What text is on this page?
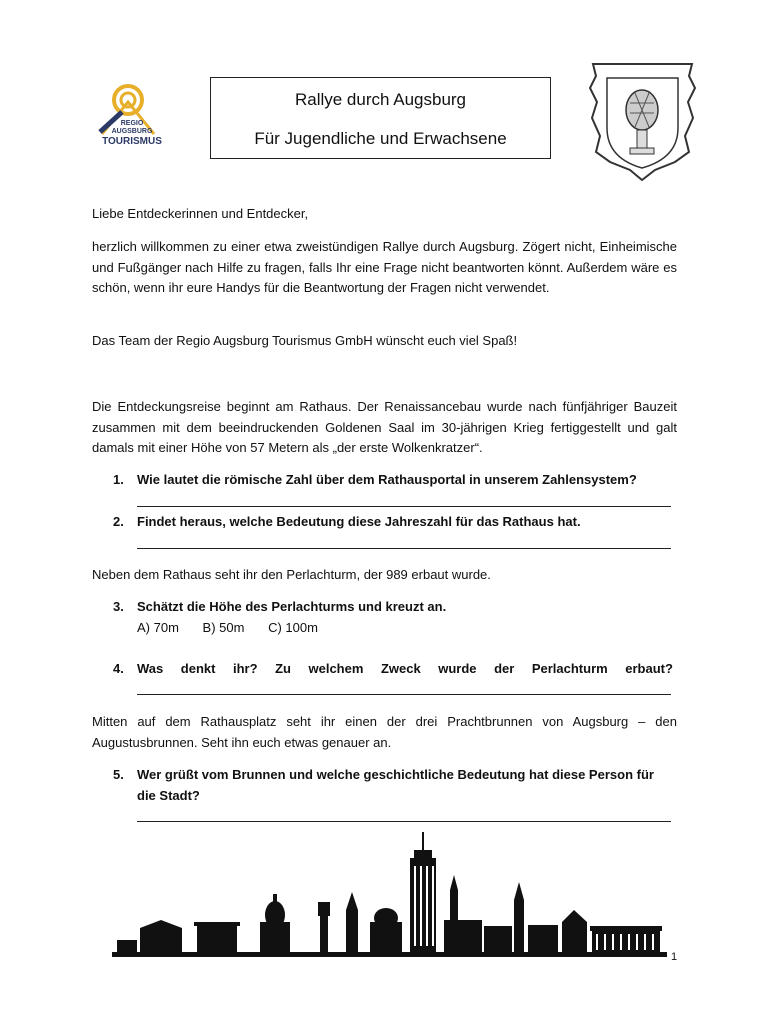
REGIO
AUGSBURG
TOURISMUS
Rallye durch Augsburg
Für Jugendliche und Erwachsene
Liebe Entdeckerinnen und Entdecker,
herzlich willkommen zu einer etwa zweistündigen Rallye durch Augsburg. Zögert nicht, Einheimische und Fußgänger nach Hilfe zu fragen, falls Ihr eine Frage nicht beantworten könnt. Außerdem wäre es schön, wenn ihr eure Handys für die Beantwortung der Fragen nicht verwendet.
Das Team der Regio Augsburg Tourismus GmbH wünscht euch viel Spaß!
Die Entdeckungsreise beginnt am Rathaus. Der Renaissancebau wurde nach fünfjähriger Bauzeit zusammen mit dem beeindruckenden Goldenen Saal im 30-jährigen Krieg fertiggestellt und galt damals mit einer Höhe von 57 Metern als „der erste Wolkenkratzer“.
1. Wie lautet die römische Zahl über dem Rathausportal in unserem Zahlensystem?
2. Findet heraus, welche Bedeutung diese Jahreszahl für das Rathaus hat.
Neben dem Rathaus seht ihr den Perlachturm, der 989 erbaut wurde.
3. Schätzt die Höhe des Perlachturms und kreuzt an.
A) 70m B) 50m C) 100m
4.	Was denkt ihr? Zu welchem Zweck wurde der Perlachturm erbaut?
Mitten auf dem Rathausplatz seht ihr einen der drei Prachtbrunnen von Augsburg – den Augustusbrunnen. Seht ihn euch etwas genauer an.
5.	Wer grüßt vom Brunnen und welche geschichtliche Bedeutung hat diese Person für die Stadt?
1
